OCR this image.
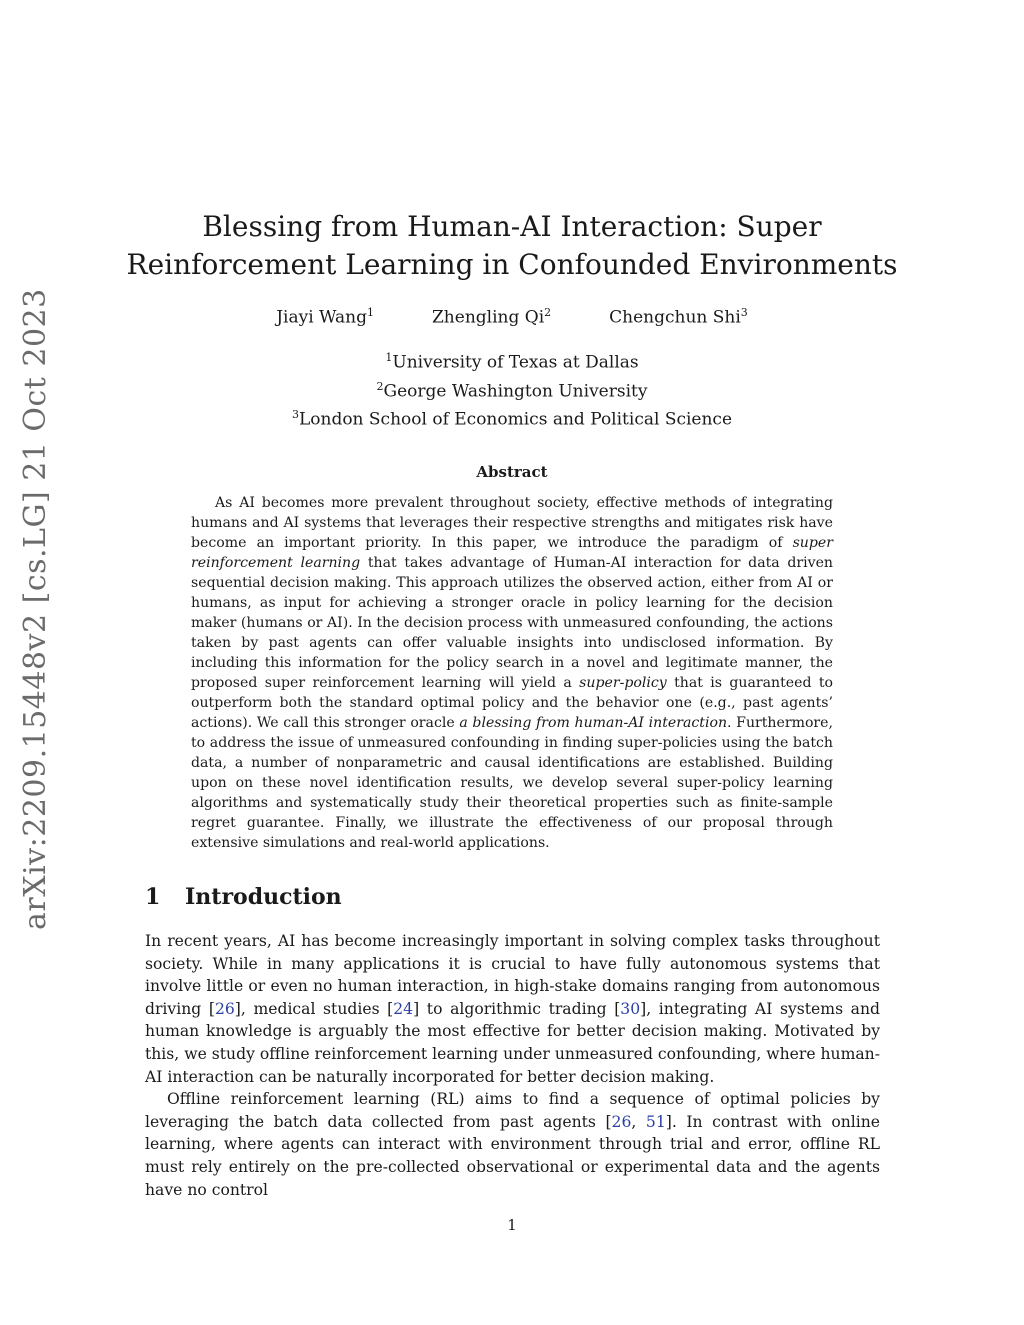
arXiv:2209.15448v2 [cs.LG] 21 Oct 2023
Blessing from Human-AI Interaction: Super Reinforcement Learning in Confounded Environments
Jiayi Wang$^1$	Zhengling Qi$^2$	Chengchun Shi$^3$
$^1$University of Texas at Dallas
$^2$George Washington University
$^3$London School of Economics and Political Science
Abstract

As AI becomes more prevalent throughout society, effective methods of integrating humans and AI systems that leverages their respective strengths and mitigates risk have become an important priority. In this paper, we introduce the paradigm of super reinforcement learning that takes advantage of Human-AI interaction for data driven sequential decision making. This approach utilizes the observed action, either from AI or humans, as input for achieving a stronger oracle in policy learning for the decision maker (humans or AI). In the decision process with unmeasured confounding, the actions taken by past agents can offer valuable insights into undisclosed information. By including this information for the policy search in a novel and legitimate manner, the proposed super reinforcement learning will yield a super-policy that is guaranteed to outperform both the standard optimal policy and the behavior one (e.g., past agents’ actions). We call this stronger oracle a blessing from human-AI interaction. Furthermore, to address the issue of unmeasured confounding in finding super-policies using the batch data, a number of nonparametric and causal identifications are established. Building upon on these novel identification results, we develop several super-policy learning algorithms and systematically study their theoretical properties such as finite-sample regret guarantee. Finally, we illustrate the effectiveness of our proposal through extensive simulations and real-world applications.

1 Introduction

In recent years, AI has become increasingly important in solving complex tasks throughout society. While in many applications it is crucial to have fully autonomous systems that involve little or even no human interaction, in high-stake domains ranging from autonomous driving [26], medical studies [24] to algorithmic trading [30], integrating AI systems and human knowledge is arguably the most effective for better decision making. Motivated by this, we study offline reinforcement learning under unmeasured confounding, where human-AI interaction can be naturally incorporated for better decision making.

Offline reinforcement learning (RL) aims to find a sequence of optimal policies by leveraging the batch data collected from past agents [26, 51]. In contrast with online learning, where agents can interact with environment through trial and error, offline RL must rely entirely on the pre-collected observational or experimental data and the agents have no control

1
